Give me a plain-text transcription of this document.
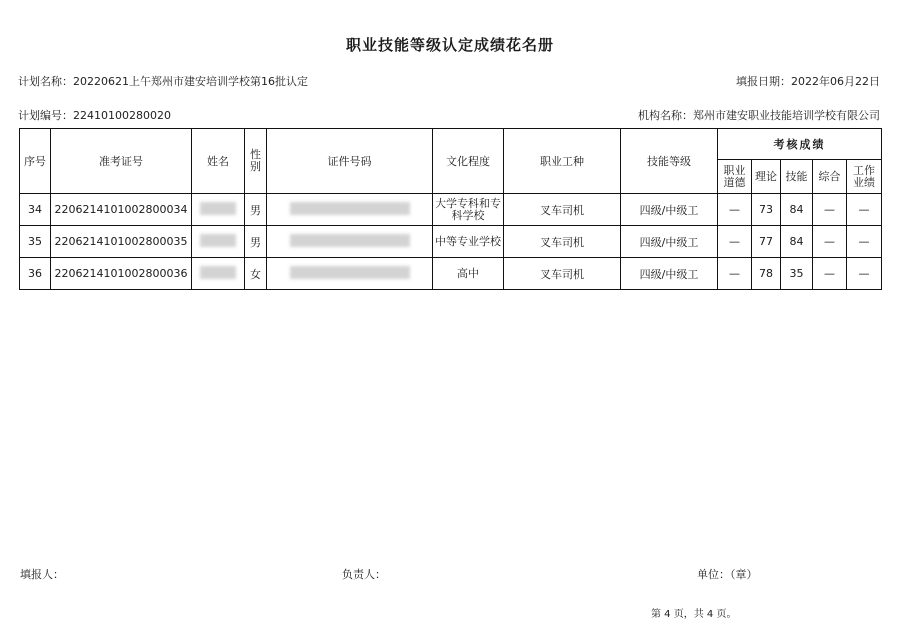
职业技能等级认定成绩花名册
计划名称：20220621上午郑州市建安培训学校第16批认定	填报日期：2022年06月22日
计划编号：22410100280020	机构名称：郑州市建安职业技能培训学校有限公司
序号	准考证号	姓名	性别	证件号码	文化程度	职业工种	技能等级	考核成绩				
								职业道德	理论	技能	综合	工作业绩
34	220621410100280003​4		男		大学专科和专科学校	叉车司机	四级/中级工	—	73	84	—	—
35	2206214101002800035		男		中等专业学校	叉车司机	四级/中级工	—	77	84	—	—
36	2206214101002800036		女		高中	叉车司机	四级/中级工	—	78	35	—	—
填报人：	负责人：	单位：（章）
第 4 页，共 4 页。
